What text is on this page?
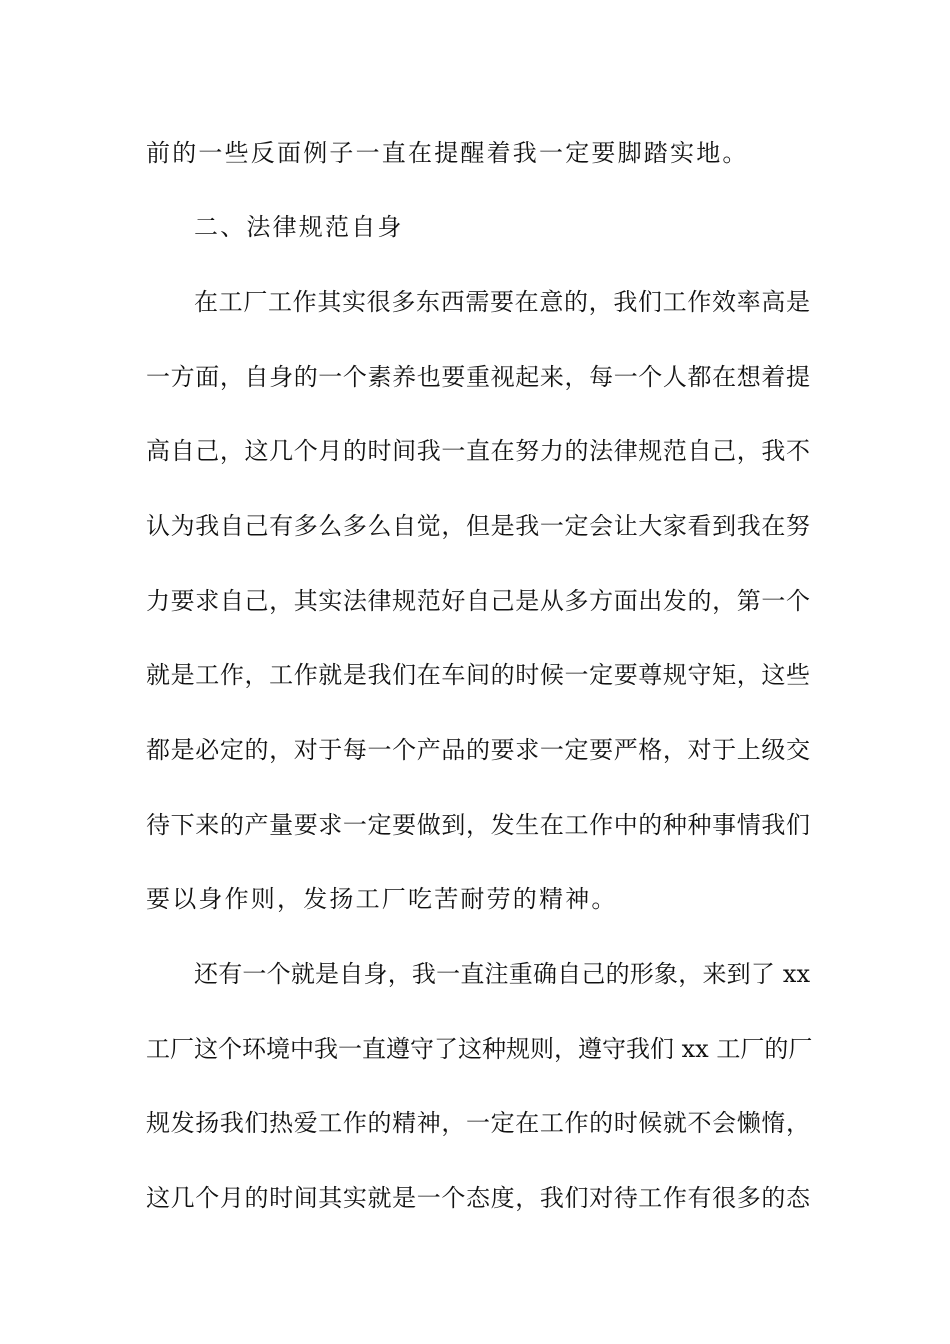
前的一些反面例子一直在提醒着我一定要脚踏实地。
二、法律规范自身
在工厂工作其实很多东西需要在意的，我们工作效率高是
一方面，自身的一个素养也要重视起来，每一个人都在想着提
高自己，这几个月的时间我一直在努力的法律规范自己，我不
认为我自己有多么多么自觉，但是我一定会让大家看到我在努
力要求自己，其实法律规范好自己是从多方面出发的，第一个
就是工作，工作就是我们在车间的时候一定要尊规守矩，这些
都是必定的，对于每一个产品的要求一定要严格，对于上级交
待下来的产量要求一定要做到，发生在工作中的种种事情我们
要以身作则，发扬工厂吃苦耐劳的精神。
还有一个就是自身，我一直注重确自己的形象，来到了 xx
工厂这个环境中我一直遵守了这种规则，遵守我们 xx 工厂的厂
规发扬我们热爱工作的精神，一定在工作的时候就不会懒惰，
这几个月的时间其实就是一个态度，我们对待工作有很多的态
